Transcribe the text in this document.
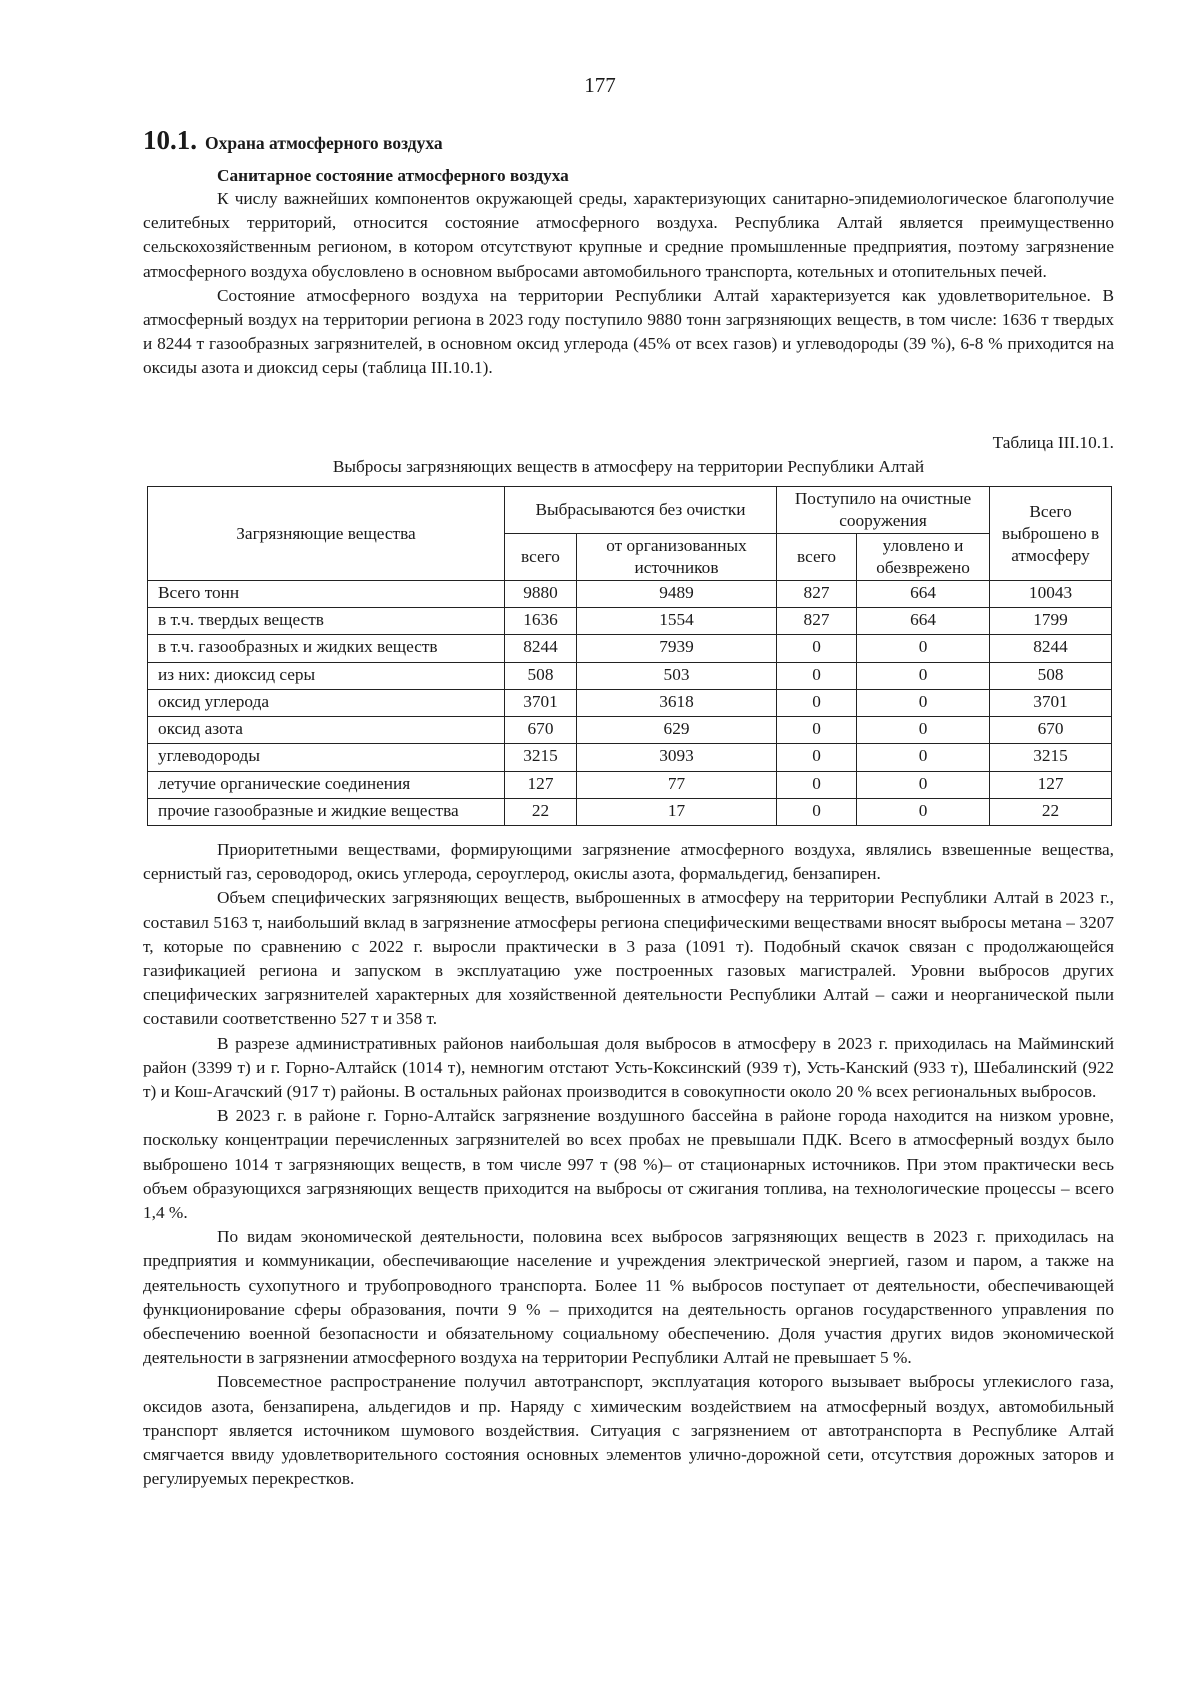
177
10.1. Охрана атмосферного воздуха
Санитарное состояние атмосферного воздуха

К числу важнейших компонентов окружающей среды, характеризующих санитарно-эпидемиологическое благополучие селитебных территорий, относится состояние атмосферного воздуха. Республика Алтай является преимущественно сельскохозяйственным регионом, в котором отсутствуют крупные и средние промышленные предприятия, поэтому загрязнение атмосферного воздуха обусловлено в основном выбросами автомобильного транспорта, котельных и отопительных печей.

Состояние атмосферного воздуха на территории Республики Алтай характеризуется как удовлетворительное. В атмосферный воздух на территории региона в 2023 году поступило 9880 тонн загрязняющих веществ, в том числе: 1636 т твердых и 8244 т газообразных загрязнителей, в основном оксид углерода (45% от всех газов) и углеводороды (39 %), 6-8 % приходится на оксиды азота и диоксид серы (таблица III.10.1).

Таблица III.10.1.
Выбросы загрязняющих веществ в атмосферу на территории Республики Алтай
Загрязняющие вещества	Выбрасываются без очистки		Поступило на очистные сооружения		Всего выброшено в атмосферу
	всего	от организованных источников	всего	уловлено и обезврежено	
Всего тонн	9880	9489	827	664	10043
в т.ч. твердых веществ	1636	1554	827	664	1799
в т.ч. газообразных и жидких веществ	8244	7939	0	0	8244
из них: диоксид серы	508	503	0	0	508
оксид углерода	3701	3618	0	0	3701
оксид азота	670	629	0	0	670
углеводороды	3215	3093	0	0	3215
летучие органические соединения	127	77	0	0	127
прочие газообразные и жидкие вещества	22	17	0	0	22

Приоритетными веществами, формирующими загрязнение атмосферного воздуха, являлись взвешенные вещества, сернистый газ, сероводород, окись углерода, сероуглерод, окислы азота, формальдегид, бензапирен.

Объем специфических загрязняющих веществ, выброшенных в атмосферу на территории Республики Алтай в 2023 г., составил 5163 т, наибольший вклад в загрязнение атмосферы региона специфическими веществами вносят выбросы метана – 3207 т, которые по сравнению с 2022 г. выросли практически в 3 раза (1091 т). Подобный скачок связан с продолжающейся газификацией региона и запуском в эксплуатацию уже построенных газовых магистралей. Уровни выбросов других специфических загрязнителей характерных для хозяйственной деятельности Республики Алтай – сажи и неорганической пыли составили соответственно 527 т и 358 т.

В разрезе административных районов наибольшая доля выбросов в атмосферу в 2023 г. приходилась на Майминский район (3399 т) и г. Горно-Алтайск (1014 т), немногим отстают Усть-Коксинский (939 т), Усть-Канский (933 т), Шебалинский (922 т) и Кош-Агачский (917 т) районы. В остальных районах производится в совокупности около 20 % всех региональных выбросов.

В 2023 г. в районе г. Горно-Алтайск загрязнение воздушного бассейна в районе города находится на низком уровне, поскольку концентрации перечисленных загрязнителей во всех пробах не превышали ПДК. Всего в атмосферный воздух было выброшено 1014 т загрязняющих веществ, в том числе 997 т (98 %)– от стационарных источников. При этом практически весь объем образующихся загрязняющих веществ приходится на выбросы от сжигания топлива, на технологические процессы – всего 1,4 %.

По видам экономической деятельности, половина всех выбросов загрязняющих веществ в 2023 г. приходилась на предприятия и коммуникации, обеспечивающие население и учреждения электрической энергией, газом и паром, а также на деятельность сухопутного и трубопроводного транспорта. Более 11 % выбросов поступает от деятельности, обеспечивающей функционирование сферы образования, почти 9 % – приходится на деятельность органов государственного управления по обеспечению военной безопасности и обязательному социальному обеспечению. Доля участия других видов экономической деятельности в загрязнении атмосферного воздуха на территории Республики Алтай не превышает 5 %.

Повсеместное распространение получил автотранспорт, эксплуатация которого вызывает выбросы углекислого газа, оксидов азота, бензапирена, альдегидов и пр. Наряду с химическим воздействием на атмосферный воздух, автомобильный транспорт является источником шумового воздействия. Ситуация с загрязнением от автотранспорта в Республике Алтай смягчается ввиду удовлетворительного состояния основных элементов улично-дорожной сети, отсутствия дорожных заторов и регулируемых перекрестков.
